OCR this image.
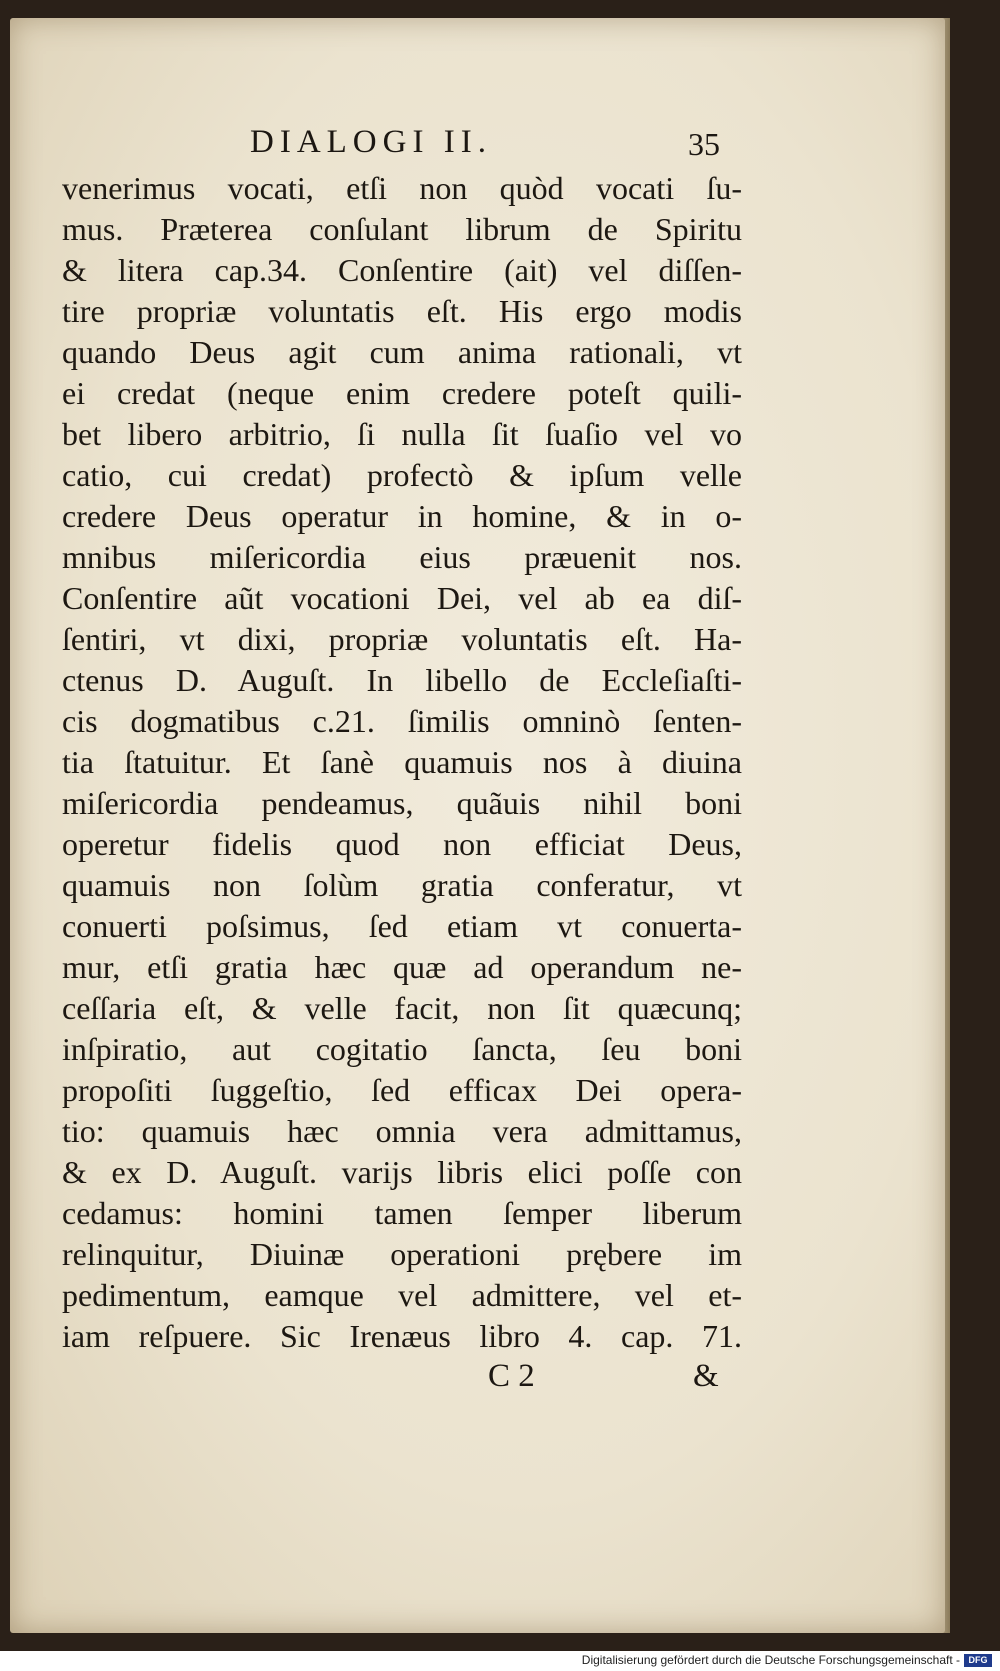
DIALOGI II.	35
venerimus vocati, etſi non quòd vocati ſu-
mus. Præterea conſulant librum de Spiritu
& litera cap.34. Conſentire (ait) vel diſſen-
tire propriæ voluntatis eſt. His ergo modis
quando Deus agit cum anima rationali, vt
ei credat (neque enim credere poteſt quili-
bet libero arbitrio, ſi nulla ſit ſuaſio vel vo
catio, cui credat) profectò & ipſum velle
credere Deus operatur in homine, & in o-
mnibus miſericordia eius præuenit nos.
Conſentire aũt vocationi Dei, vel ab ea diſ-
ſentiri, vt dixi, propriæ voluntatis eſt. Ha-
ctenus D. Auguſt. In libello de Eccleſiaſti-
cis dogmatibus c.21. ſimilis omninò ſenten-
tia ſtatuitur. Et ſanè quamuis nos à diuina
miſericordia pendeamus, quãuis nihil boni
operetur fidelis quod non efficiat Deus,
quamuis non ſolùm gratia conferatur, vt
conuerti poſsimus, ſed etiam vt conuerta-
mur, etſi gratia hæc quæ ad operandum ne-
ceſſaria eſt, & velle facit, non ſit quæcunq;
inſpiratio, aut cogitatio ſancta, ſeu boni
propoſiti ſuggeſtio, ſed efficax Dei opera-
tio: quamuis hæc omnia vera admittamus,
& ex D. Auguſt. varijs libris elici poſſe con
cedamus: homini tamen ſemper liberum
relinquitur, Diuinæ operationi prębere im
pedimentum, eamque vel admittere, vel et-
iam reſpuere. Sic Irenæus libro 4. cap. 71.
C 2	&
Digitalisierung gefördert durch die Deutsche Forschungsgemeinschaft - DFG
